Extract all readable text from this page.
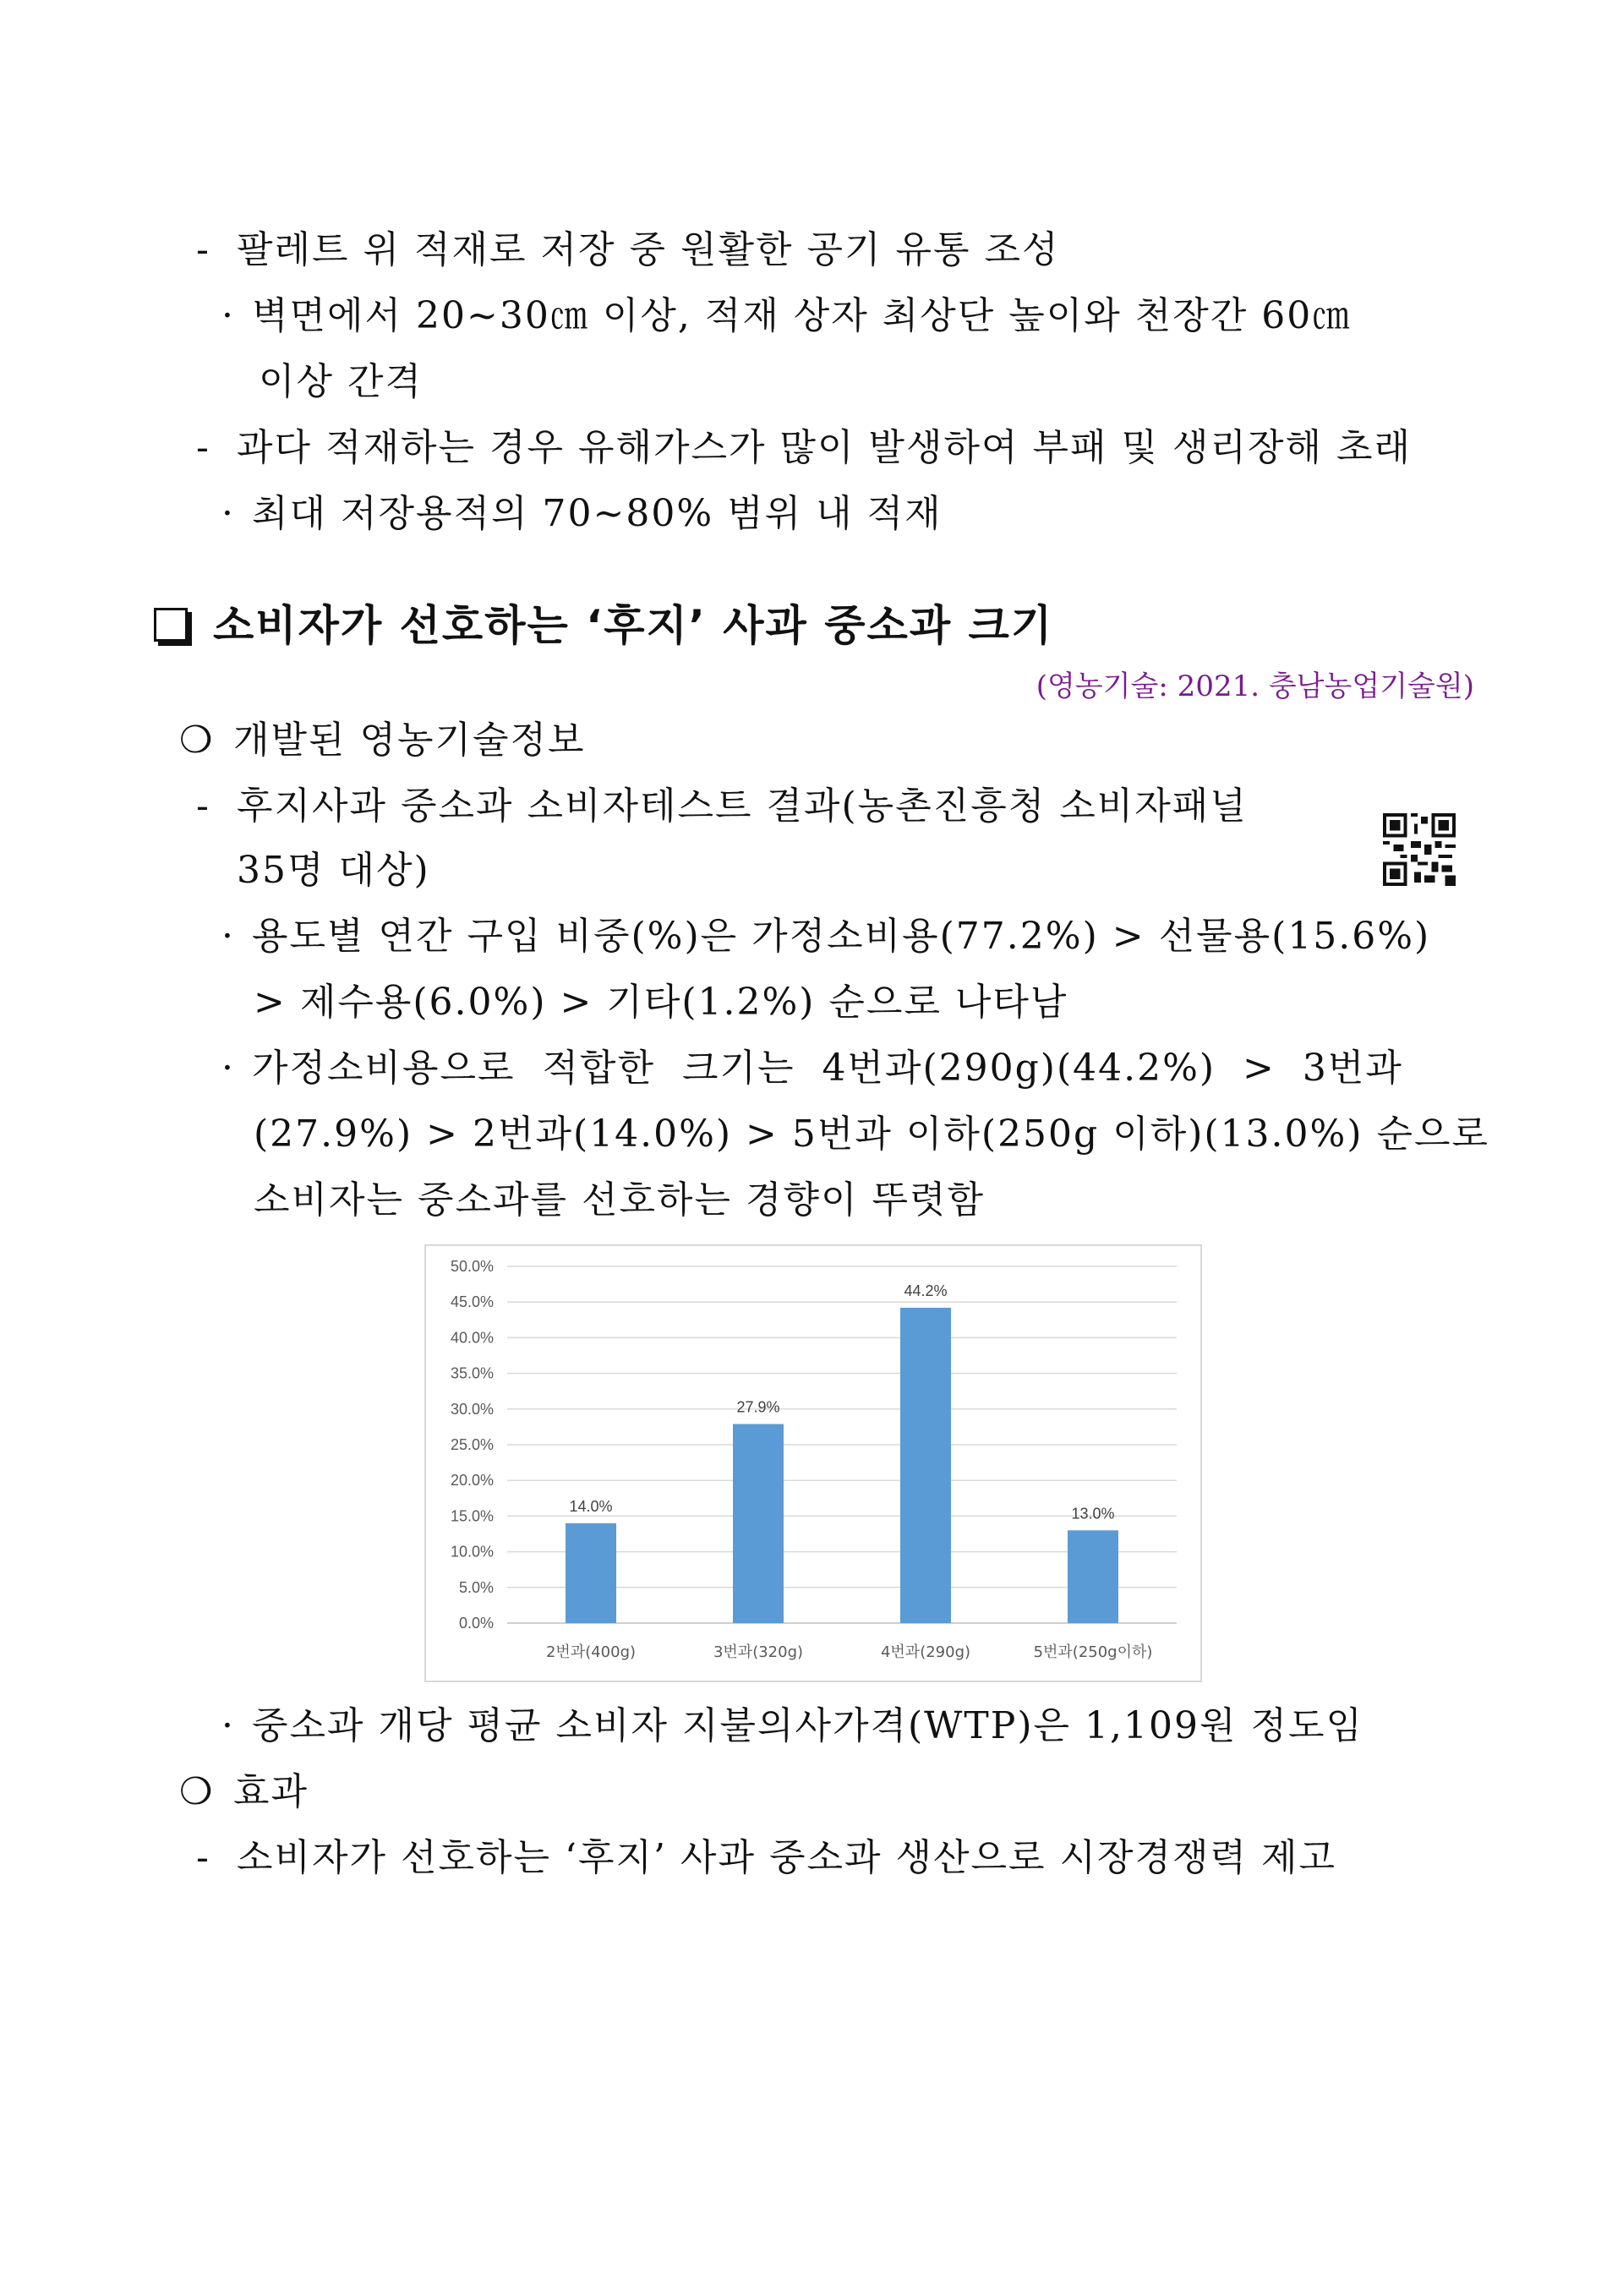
- 팔레트 위 적재로 저장 중 원활한 공기 유통 조성
· 벽면에서 20~30㎝ 이상, 적재 상자 최상단 높이와 천장간 60㎝
이상 간격
- 과다 적재하는 경우 유해가스가 많이 발생하여 부패 및 생리장해 초래
· 최대 저장용적의 70~80% 범위 내 적재
소비자가 선호하는 ‘후지’ 사과 중소과 크기
(영농기술: 2021. 충남농업기술원)
❍ 개발된 영농기술정보
- 후지사과 중소과 소비자테스트 결과(농촌진흥청 소비자패널
35명 대상)
· 용도별 연간 구입 비중(%)은 가정소비용(77.2%) > 선물용(15.6%)
> 제수용(6.0%) > 기타(1.2%) 순으로 나타남
· 가정소비용으로  적합한  크기는  4번과(290g)(44.2%)  >  3번과
(27.9%) > 2번과(14.0%) > 5번과 이하(250g 이하)(13.0%) 순으로
소비자는 중소과를 선호하는 경향이 뚜렷함
0.0%
5.0%
10.0%
15.0%
20.0%
25.0%
30.0%
35.0%
40.0%
45.0%
50.0%
14.0%
2번과(400g)
27.9%
3번과(320g)
44.2%
4번과(290g)
13.0%
5번과(250g이하)
· 중소과 개당 평균 소비자 지불의사가격(WTP)은 1,109원 정도임
❍ 효과
- 소비자가 선호하는 ‘후지’ 사과 중소과 생산으로 시장경쟁력 제고
